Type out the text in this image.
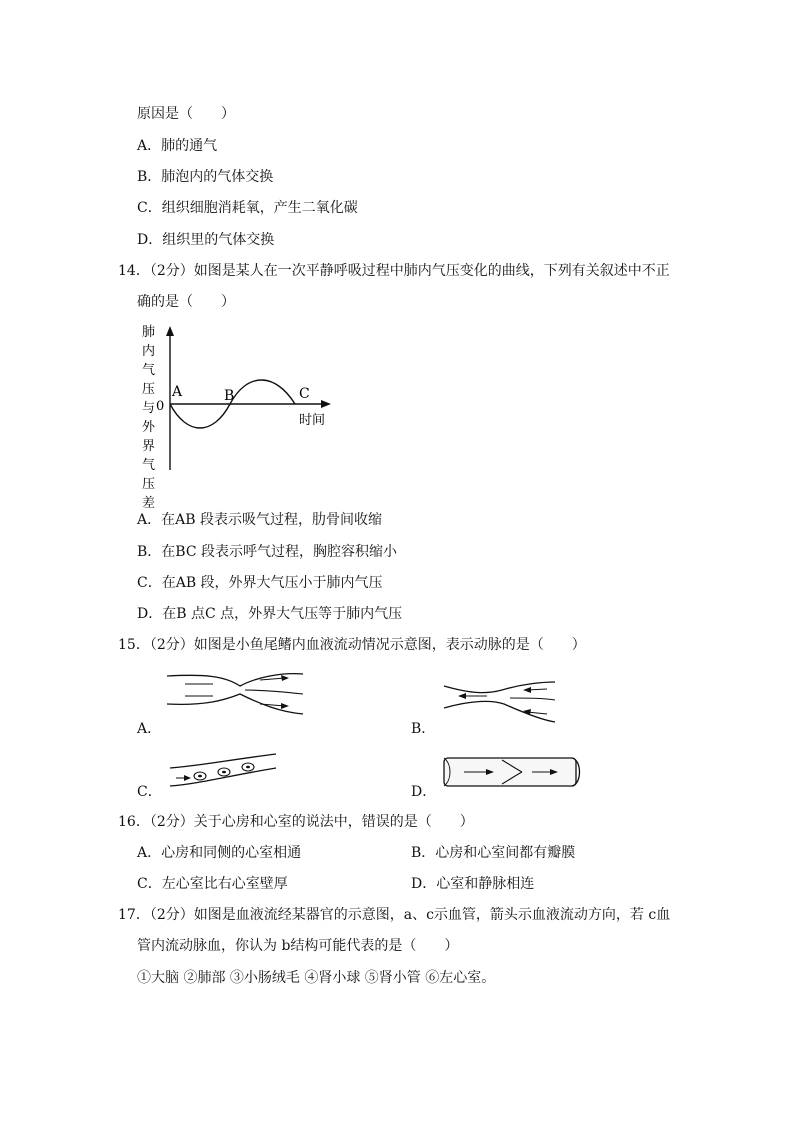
原因是（　　）
A．肺的通气
B．肺泡内的气体交换
C．组织细胞消耗氧，产生二氧化碳
D．组织里的气体交换
14．（2分）如图是某人在一次平静呼吸过程中肺内气压变化的曲线，下列有关叙述中不正
确的是（　　）
肺
内
气
压
与
外
界
气
压
差
0
A	B	C
时间
A．在AB 段表示吸气过程，肋骨间收缩
B．在BC 段表示呼气过程，胸腔容积缩小
C．在AB 段，外界大气压小于肺内气压
D．在B 点C 点，外界大气压等于肺内气压
15．（2分）如图是小鱼尾鳍内血液流动情况示意图，表示动脉的是（　　）
A．	B．
C．	D．
16．（2分）关于心房和心室的说法中，错误的是（　　）
A．心房和同侧的心室相通	B．心房和心室间都有瓣膜
C．左心室比右心室壁厚	D．心室和静脉相连
17．（2分）如图是血液流经某器官的示意图，a、c示血管，箭头示血液流动方向，若 c血
管内流动脉血，你认为 b结构可能代表的是（　　）
①大脑 ②肺部 ③小肠绒毛 ④肾小球 ⑤肾小管 ⑥左心室。
